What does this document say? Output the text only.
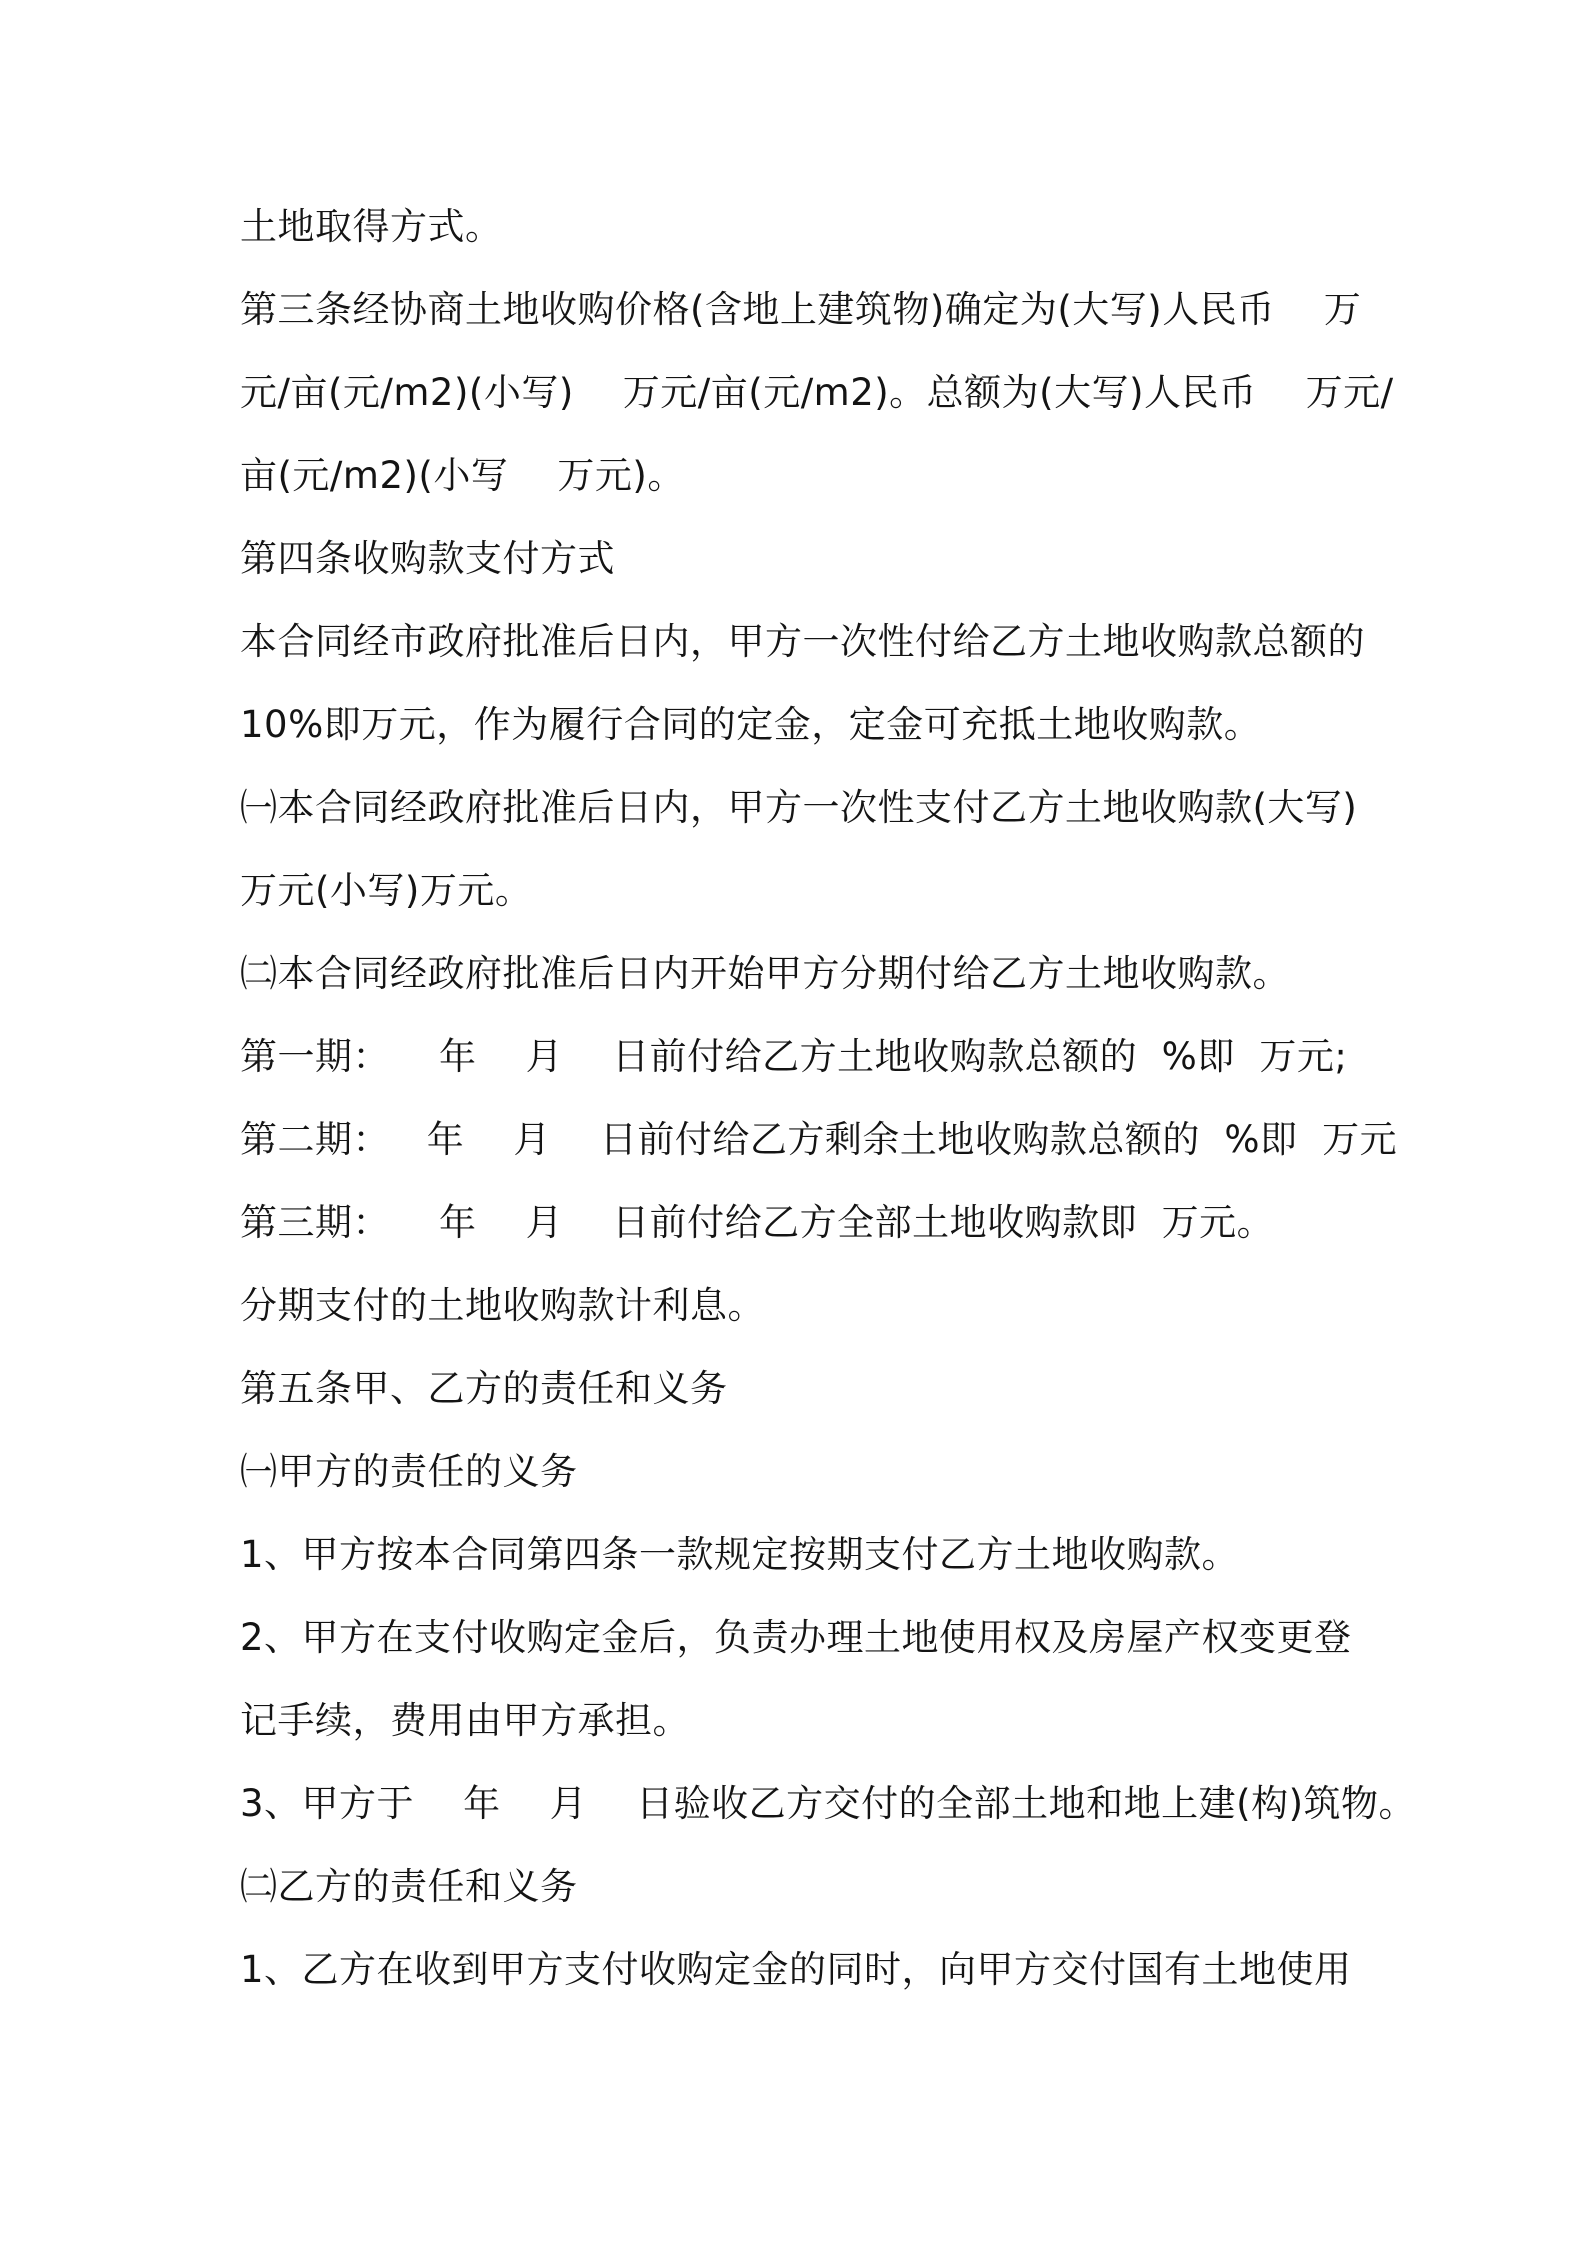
土地取得方式。

第三条经协商土地收购价格(含地上建筑物)确定为(大写)人民币    万

元/亩(元/m2)(小写)    万元/亩(元/m2)。总额为(大写)人民币    万元/

亩(元/m2)(小写    万元)。

第四条收购款支付方式

本合同经市政府批准后日内，甲方一次性付给乙方土地收购款总额的

10%即万元，作为履行合同的定金，定金可充抵土地收购款。

㈠本合同经政府批准后日内，甲方一次性支付乙方土地收购款(大写)

万元(小写)万元。

㈡本合同经政府批准后日内开始甲方分期付给乙方土地收购款。

第一期：    年    月    日前付给乙方土地收购款总额的  %即  万元;

第二期：   年    月    日前付给乙方剩余土地收购款总额的  %即  万元

第三期：    年    月    日前付给乙方全部土地收购款即  万元。

分期支付的土地收购款计利息。

第五条甲、乙方的责任和义务

㈠甲方的责任的义务

1、甲方按本合同第四条一款规定按期支付乙方土地收购款。

2、甲方在支付收购定金后，负责办理土地使用权及房屋产权变更登

记手续，费用由甲方承担。

3、甲方于    年    月    日验收乙方交付的全部土地和地上建(构)筑物。

㈡乙方的责任和义务

1、乙方在收到甲方支付收购定金的同时，向甲方交付国有土地使用
